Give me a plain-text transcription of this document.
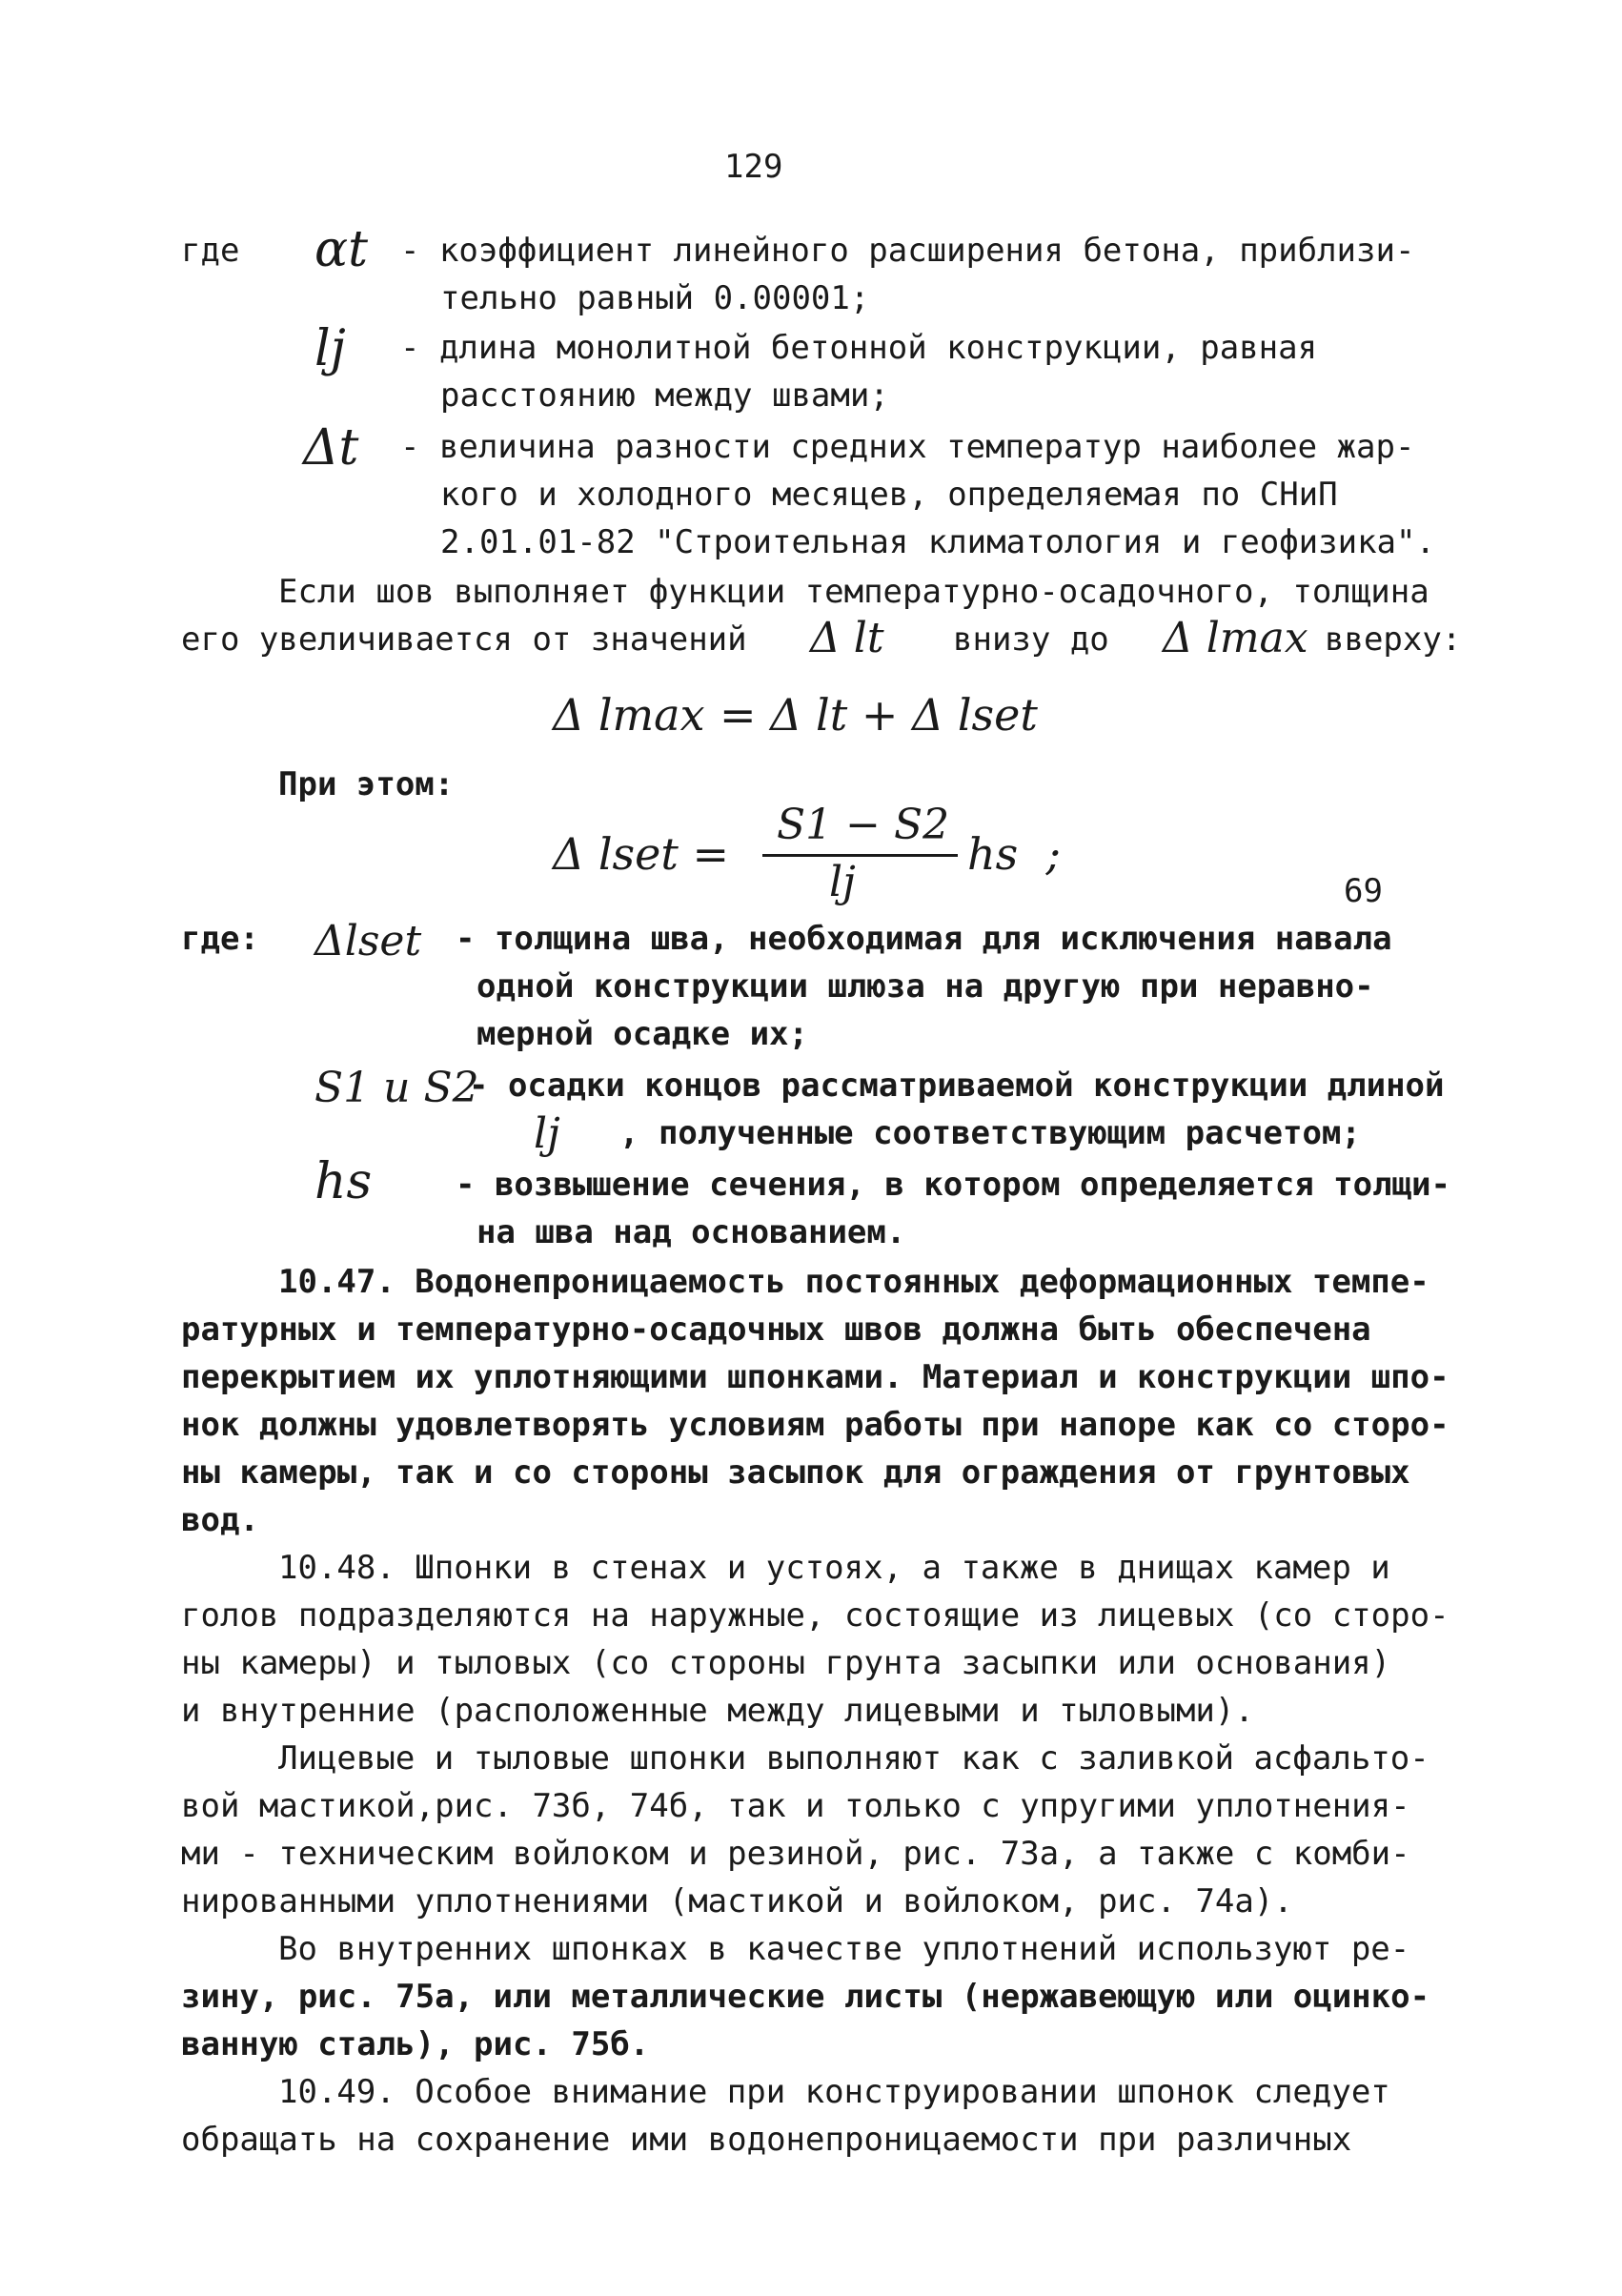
129
где αt - коэффициент линейного расширения бетона, приблизи-
тельно равный 0.00001;
lj - длина монолитной бетонной конструкции, равная
расстоянию между швами;
Δt - величина разности средних температур наиболее жар-
кого и холодного месяцев, определяемая по СНиП
2.01.01-82 "Строительная климатология и геофизика".
Если шов выполняет функции температурно-осадочного, толщина
его увеличивается от значений Δ lt внизу до Δ lmax вверху:
Δ lmax = Δ lt + Δ lset
При этом:
Δ lset =
S1 − S2
lj
hs  ;
69
где: Δlset - толщина шва, необходимая для исключения навала
одной конструкции шлюза на другую при неравно-
мерной осадке их;
S1 и S2
- осадки концов рассматриваемой конструкции длиной
lj , полученные соответствующим расчетом;
hs	- возвышение сечения, в котором определяется толщи-
на шва над основанием.
10.47. Водонепроницаемость постоянных деформационных темпе-
ратурных и температурно-осадочных швов должна быть обеспечена
перекрытием их уплотняющими шпонками. Материал и конструкции шпо-
нок должны удовлетворять условиям работы при напоре как со сторо-
ны камеры, так и со стороны засыпок для ограждения от грунтовых
вод.
10.48. Шпонки в стенах и устоях, а также в днищах камер и
голов подразделяются на наружные, состоящие из лицевых (со сторо-
ны камеры) и тыловых (со стороны грунта засыпки или основания)
и внутренние (расположенные между лицевыми и тыловыми).
Лицевые и тыловые шпонки выполняют как с заливкой асфальто-
вой мастикой,рис. 73б, 74б, так и только с упругими уплотнения-
ми - техническим войлоком и резиной, рис. 73а, а также с комби-
нированными уплотнениями (мастикой и войлоком, рис. 74а).
Во внутренних шпонках в качестве уплотнений используют ре-
зину, рис. 75а, или металлические листы (нержавеющую или оцинко-
ванную сталь), рис. 75б.
10.49. Особое внимание при конструировании шпонок следует
обращать на сохранение ими водонепроницаемости при различных
